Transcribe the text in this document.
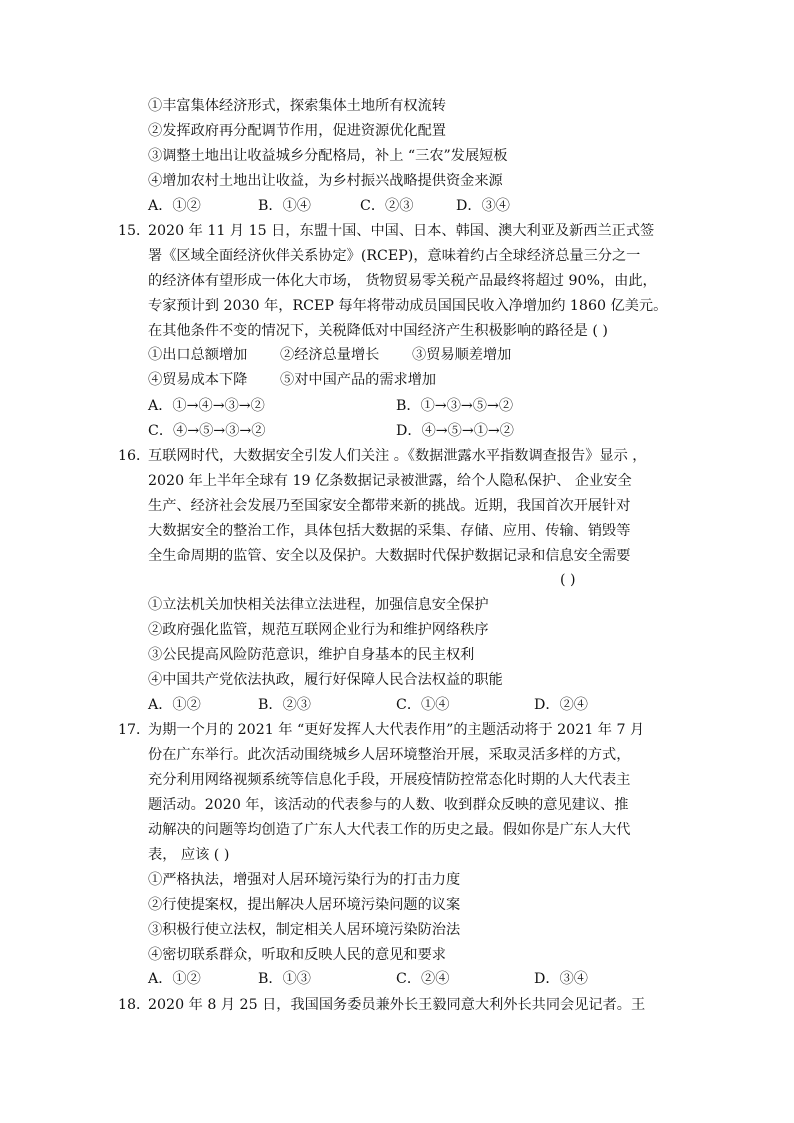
①丰富集体经济形式，探索集体土地所有权流转
②发挥政府再分配调节作用，促进资源优化配置
③调整土地出让收益城乡分配格局，补上 “三农”发展短板
④增加农村土地出让收益，为乡村振兴战略提供资金来源
A．①②	B．①④	C．②③	D．③④
15．
2020 年 11 月 15 日，东盟十国、中国、日本、韩国、澳大利亚及新西兰正式签
署《区域全面经济伙伴关系协定》(RCEP)，意味着约占全球经济总量三分之一
的经济体有望形成一体化大市场， 货物贸易零关税产品最终将超过 90%，由此，
专家预计到 2030 年，RCEP 每年将带动成员国国民收入净增加约 1860 亿美元。
在其他条件不变的情况下，关税降低对中国经济产生积极影响的路径是 ( )
①出口总额增加 ②经济总量增长 ③贸易顺差增加
④贸易成本下降 ⑤对中国产品的需求增加
A．①→④→③→②	B．①→③→⑤→②
C．④→⑤→③→②	D．④→⑤→①→②
16．
互联网时代，大数据安全引发人们关注 。《数据泄露水平指数调查报告》显示 ，
2020 年上半年全球有 19 亿条数据记录被泄露，给个人隐私保护、 企业安全
生产、经济社会发展乃至国家安全都带来新的挑战。近期，我国首次开展针对
大数据安全的整治工作，具体包括大数据的采集、存储、应用、传输、销毁等
全生命周期的监管、安全以及保护。大数据时代保护数据记录和信息安全需要
( )
①立法机关加快相关法律立法进程，加强信息安全保护
②政府强化监管，规范互联网企业行为和维护网络秩序
③公民提高风险防范意识，维护自身基本的民主权利
④中国共产党依法执政，履行好保障人民合法权益的职能
A．①②	B．②③	C．①④	D．②④
17．
为期一个月的 2021 年 “更好发挥人大代表作用”的主题活动将于 2021 年 7 月
份在广东举行。此次活动围绕城乡人居环境整治开展，采取灵活多样的方式，
充分利用网络视频系统等信息化手段，开展疫情防控常态化时期的人大代表主
题活动。2020 年，该活动的代表参与的人数、收到群众反映的意见建议、推
动解决的问题等均创造了广东人大代表工作的历史之最。假如你是广东人大代
表， 应该 ( )
①严格执法，增强对人居环境污染行为的打击力度
②行使提案权，提出解决人居环境污染问题的议案
③积极行使立法权，制定相关人居环境污染防治法
④密切联系群众，听取和反映人民的意见和要求
A．①②	B．①③	C．②④	D．③④
18．
2020 年 8 月 25 日，我国国务委员兼外长王毅同意大利外长共同会见记者。王
